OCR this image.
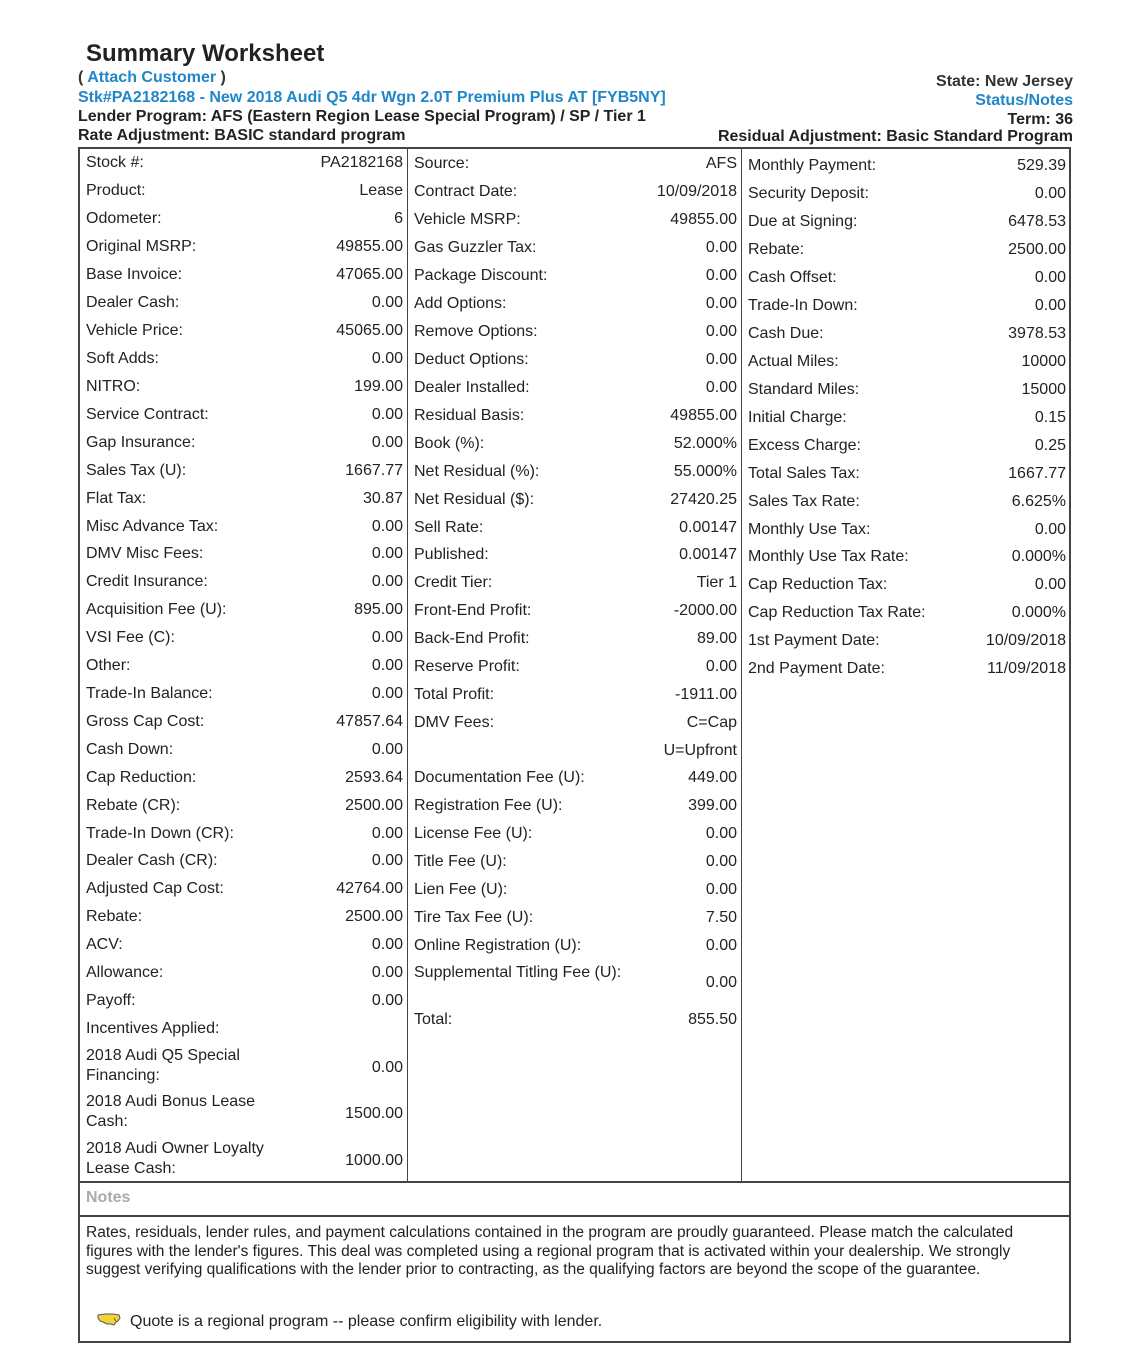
Summary Worksheet
( Attach Customer )
Stk#PA2182168 - New 2018 Audi Q5 4dr Wgn 2.0T Premium Plus AT [FYB5NY]
Lender Program: AFS (Eastern Region Lease Special Program) / SP / Tier 1
Rate Adjustment: BASIC standard program
State: New Jersey
Status/Notes
Term: 36
Residual Adjustment: Basic Standard Program
Stock #:	PA2182168
Product:	Lease
Odometer:	6
Original MSRP:	49855.00
Base Invoice:	47065.00
Dealer Cash:	0.00
Vehicle Price:	45065.00
Soft Adds:	0.00
NITRO:	199.00
Service Contract:	0.00
Gap Insurance:	0.00
Sales Tax (U):	1667.77
Flat Tax:	30.87
Misc Advance Tax:	0.00
DMV Misc Fees:	0.00
Credit Insurance:	0.00
Acquisition Fee (U):	895.00
VSI Fee (C):	0.00
Other:	0.00
Trade-In Balance:	0.00
Gross Cap Cost:	47857.64
Cash Down:	0.00
Cap Reduction:	2593.64
Rebate (CR):	2500.00
Trade-In Down (CR):	0.00
Dealer Cash (CR):	0.00
Adjusted Cap Cost:	42764.00
Rebate:	2500.00
ACV:	0.00
Allowance:	0.00
Payoff:	0.00
Incentives Applied:
2018 Audi Q5 Special Financing:	0.00
2018 Audi Bonus Lease Cash:	1500.00
2018 Audi Owner Loyalty Lease Cash:	1000.00
Source:	AFS
Contract Date:	10/09/2018
Vehicle MSRP:	49855.00
Gas Guzzler Tax:	0.00
Package Discount:	0.00
Add Options:	0.00
Remove Options:	0.00
Deduct Options:	0.00
Dealer Installed:	0.00
Residual Basis:	49855.00
Book (%):	52.000%
Net Residual (%):	55.000%
Net Residual ($):	27420.25
Sell Rate:	0.00147
Published:	0.00147
Credit Tier:	Tier 1
Front-End Profit:	-2000.00
Back-End Profit:	89.00
Reserve Profit:	0.00
Total Profit:	-1911.00
DMV Fees:	C=Cap
U=Upfront
Documentation Fee (U):	449.00
Registration Fee (U):	399.00
License Fee (U):	0.00
Title Fee (U):	0.00
Lien Fee (U):	0.00
Tire Tax Fee (U):	7.50
Online Registration (U):	0.00
Supplemental Titling Fee (U):
0.00
Total:	855.50
Monthly Payment:	529.39
Security Deposit:	0.00
Due at Signing:	6478.53
Rebate:	2500.00
Cash Offset:	0.00
Trade-In Down:	0.00
Cash Due:	3978.53
Actual Miles:	10000
Standard Miles:	15000
Initial Charge:	0.15
Excess Charge:	0.25
Total Sales Tax:	1667.77
Sales Tax Rate:	6.625%
Monthly Use Tax:	0.00
Monthly Use Tax Rate:	0.000%
Cap Reduction Tax:	0.00
Cap Reduction Tax Rate:	0.000%
1st Payment Date:	10/09/2018
2nd Payment Date:	11/09/2018
Notes
Rates, residuals, lender rules, and payment calculations contained in the program are proudly guaranteed. Please match the calculated figures with the lender's figures. This deal was completed using a regional program that is activated within your dealership. We strongly suggest verifying qualifications with the lender prior to contracting, as the qualifying factors are beyond the scope of the guarantee.
Quote is a regional program -- please confirm eligibility with lender.
